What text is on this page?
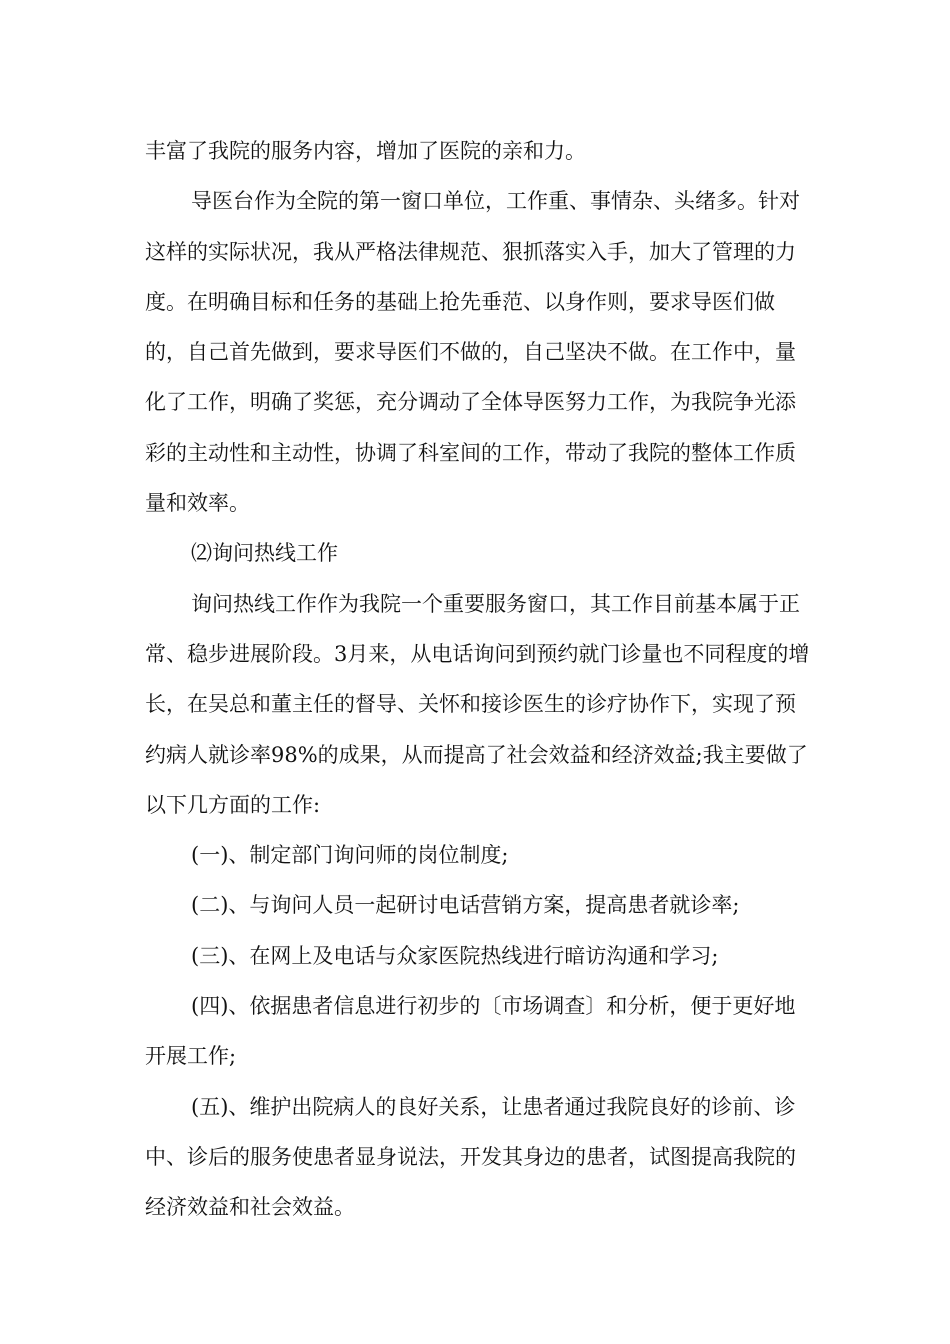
丰富了我院的服务内容，增加了医院的亲和力。

导医台作为全院的第一窗口单位，工作重、事情杂、头绪多。针对这样的实际状况，我从严格法律规范、狠抓落实入手，加大了管理的力度。在明确目标和任务的基础上抢先垂范、以身作则，要求导医们做的，自己首先做到，要求导医们不做的，自己坚决不做。在工作中，量化了工作，明确了奖惩，充分调动了全体导医努力工作，为我院争光添彩的主动性和主动性，协调了科室间的工作，带动了我院的整体工作质量和效率。

⑵询问热线工作

询问热线工作作为我院一个重要服务窗口，其工作目前基本属于正常、稳步进展阶段。3月来，从电话询问到预约就门诊量也不同程度的增长，在吴总和董主任的督导、关怀和接诊医生的诊疗协作下，实现了预约病人就诊率98%的成果，从而提高了社会效益和经济效益;我主要做了以下几方面的工作:

(一)、制定部门询问师的岗位制度;

(二)、与询问人员一起研讨电话营销方案，提高患者就诊率;

(三)、在网上及电话与众家医院热线进行暗访沟通和学习;

(四)、依据患者信息进行初步的〔市场调查〕和分析，便于更好地开展工作;

(五)、维护出院病人的良好关系，让患者通过我院良好的诊前、诊中、诊后的服务使患者显身说法，开发其身边的患者，试图提高我院的经济效益和社会效益。
